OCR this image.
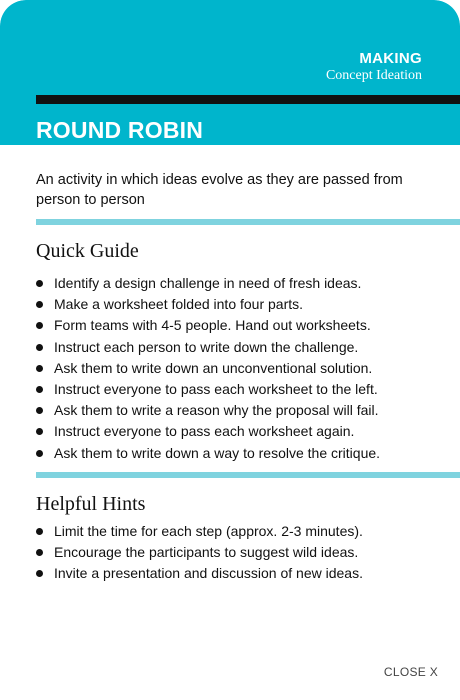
MAKING
Concept Ideation
ROUND ROBIN
An activity in which ideas evolve as they are passed from person to person
Quick Guide
Identify a design challenge in need of fresh ideas.
Make a worksheet folded into four parts.
Form teams with 4-5 people. Hand out worksheets.
Instruct each person to write down the challenge.
Ask them to write down an unconventional solution.
Instruct everyone to pass each worksheet to the left.
Ask them to write a reason why the proposal will fail.
Instruct everyone to pass each worksheet again.
Ask them to write down a way to resolve the critique.
Helpful Hints
Limit the time for each step (approx. 2-3 minutes).
Encourage the participants to suggest wild ideas.
Invite a presentation and discussion of new ideas.
CLOSE X
